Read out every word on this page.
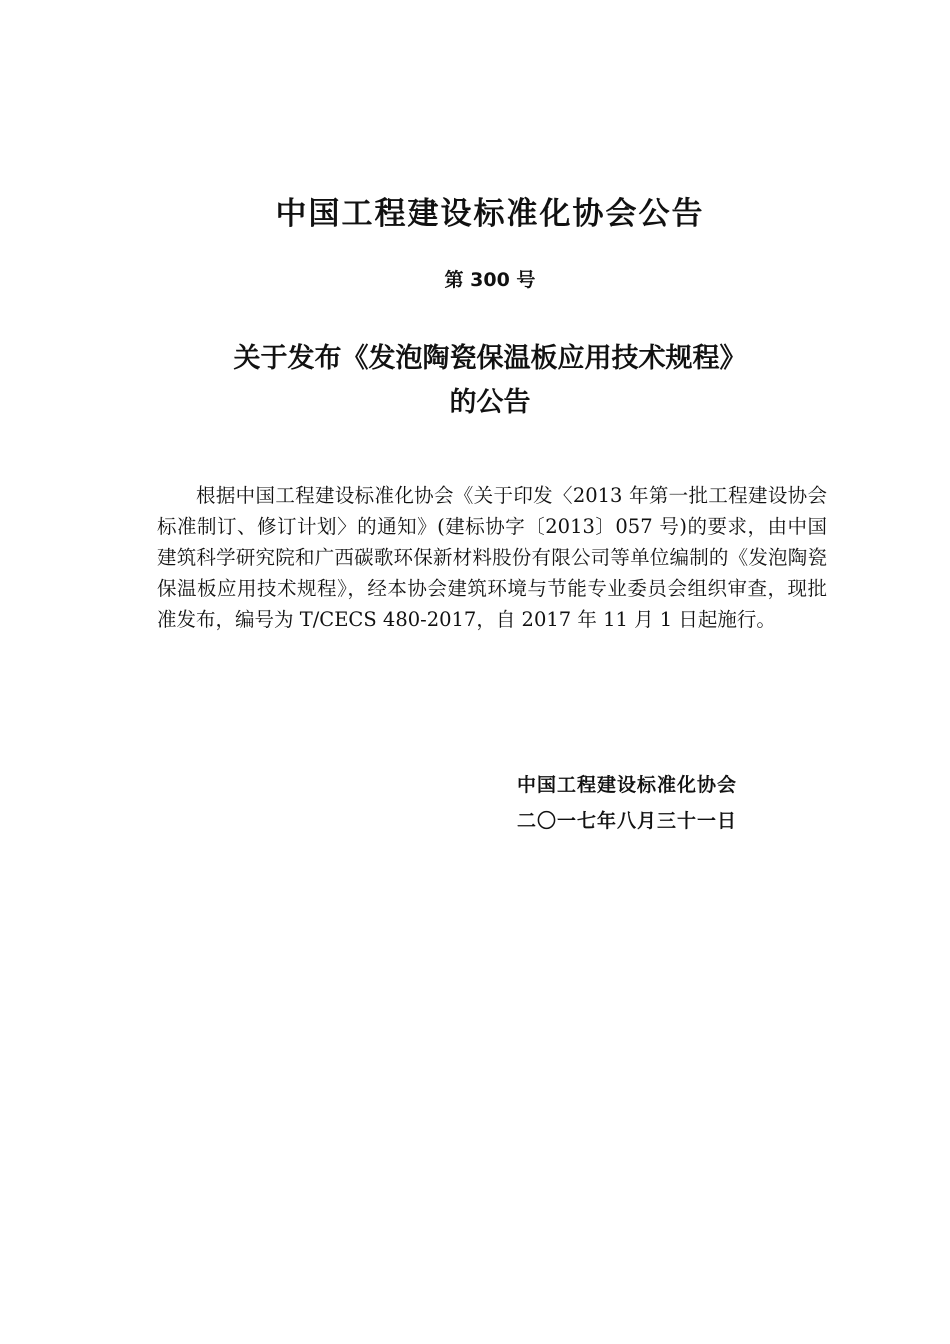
中国工程建设标准化协会公告
第 300 号
关于发布《发泡陶瓷保温板应用技术规程》
的公告

根据中国工程建设标准化协会《关于印发〈2013 年第一批工程建设协会标准制订、修订计划〉的通知》(建标协字〔2013〕057 号)的要求，由中国建筑科学研究院和广西碳歌环保新材料股份有限公司等单位编制的《发泡陶瓷保温板应用技术规程》，经本协会建筑环境与节能专业委员会组织审查，现批准发布，编号为 T/CECS 480-2017，自 2017 年 11 月 1 日起施行。

中国工程建设标准化协会
二〇一七年八月三十一日
